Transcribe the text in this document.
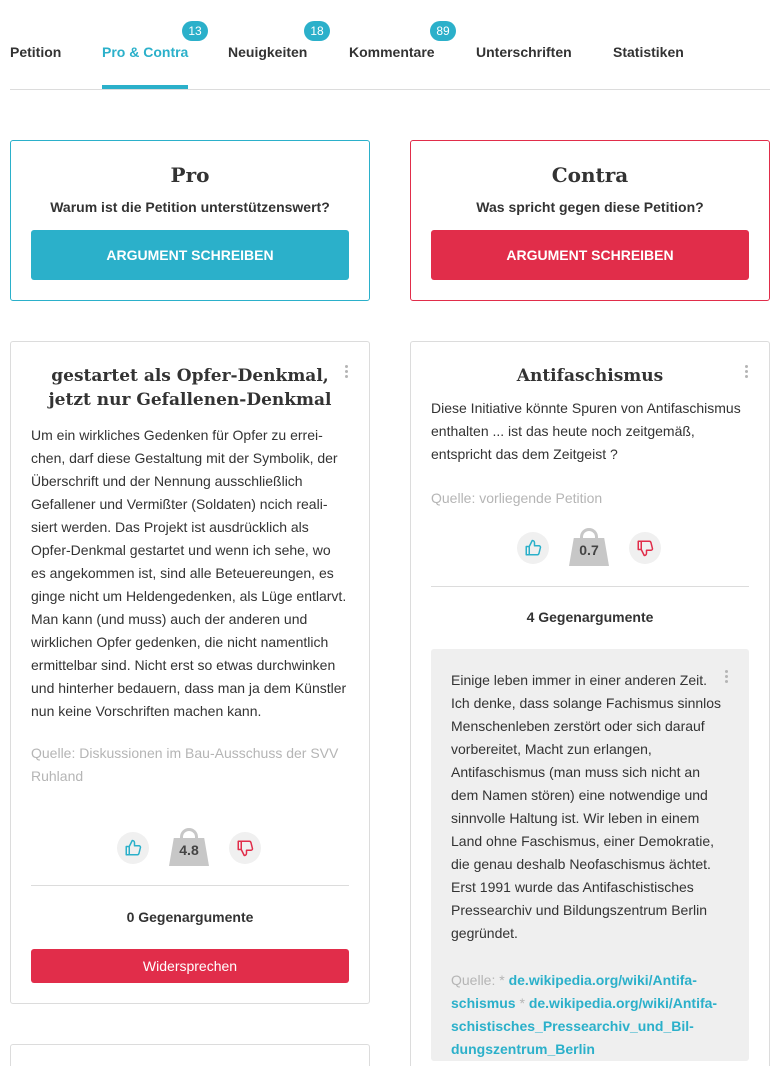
Petition
13
Pro & Contra
18
Neuigkeiten
89
Kommentare	Unterschriften	Statistiken
Pro

Warum ist die Petition unterstützenswert?

ARGUMENT SCHREIBEN
Contra

Was spricht gegen diese Petition?

ARGUMENT SCHREIBEN
gestartet als Opfer-Denkmal, jetzt nur Gefallenen-Denkmal
Um ein wirkliches Gedenken für Opfer zu erreichen, darf diese Gestaltung mit der Symbolik, der Überschrift und der Nennung ausschließlich Gefallener und Vermißter (Soldaten) ncich realisiert werden. Das Projekt ist ausdrücklich als Opfer-Denkmal gestartet und wenn ich sehe, wo es angekommen ist, sind alle Beteuereungen, es ginge nicht um Heldengedenken, als Lüge entlarvt. Man kann (und muss) auch der anderen und wirklichen Opfer gedenken, die nicht namentlich ermittelbar sind. Nicht erst so etwas durchwinken und hinterher bedauern, dass man ja dem Künstler nun keine Vorschriften machen kann.
Quelle: Diskussionen im Bau-Ausschuss der SVV Ruhland
4.8
0 Gegenargumente
Widersprechen
Antifaschismus
Diese Initiative könnte Spuren von Antifaschismus enthalten ... ist das heute noch zeitgemäß, entspricht das dem Zeitgeist ?
Quelle: vorliegende Petition
0.7
4 Gegenargumente
Einige leben immer in einer anderen Zeit. Ich denke, dass solange Fachismus sinnlos Menschenleben zerstört oder sich darauf vorbereitet, Macht zun erlangen, Antifaschismus (man muss sich nicht an dem Namen stören) eine notwendige und sinnvolle Haltung ist. Wir leben in einem Land ohne Faschismus, einer Demokratie, die genau deshalb Neofaschismus ächtet. Erst 1991 wurde das Antifaschistisches Pressearchiv und Bildungszentrum Berlin gegründet.
Quelle: * de.wikipedia.org/wiki/Antifaschismus * de.wikipedia.org/wiki/Antifaschistisches_Pressearchiv_und_Bildungszentrum_Berlin
